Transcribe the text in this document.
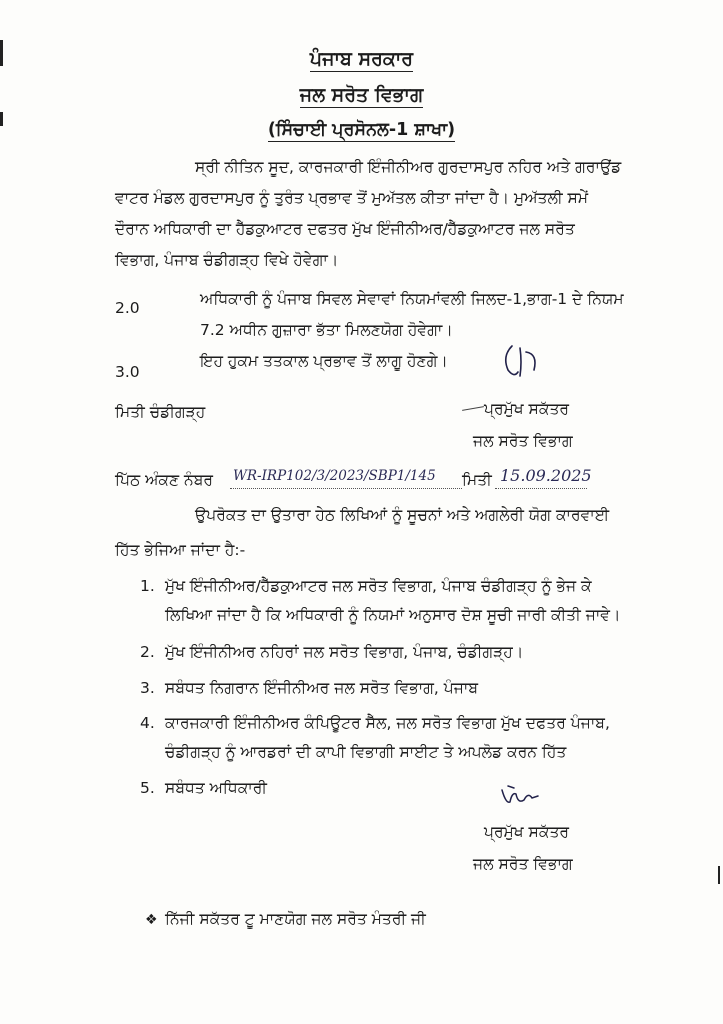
ਪੰਜਾਬ ਸਰਕਾਰ
ਜਲ ਸਰੋਤ ਵਿਭਾਗ
(ਸਿੰਚਾਈ ਪ੍ਰਸੋਨਲ-1 ਸ਼ਾਖਾ)
ਸ੍ਰੀ ਨੀਤਿਨ ਸੂਦ, ਕਾਰਜਕਾਰੀ ਇੰਜੀਨੀਅਰ ਗੁਰਦਾਸਪੁਰ ਨਹਿਰ ਅਤੇ ਗਰਾਉਂਡ
ਵਾਟਰ ਮੰਡਲ ਗੁਰਦਾਸਪੁਰ ਨੂੰ ਤੁਰੰਤ ਪ੍ਰਭਾਵ ਤੋਂ ਮੁਅੱਤਲ ਕੀਤਾ ਜਾਂਦਾ ਹੈ। ਮੁਅੱਤਲੀ ਸਮੇਂ
ਦੌਰਾਨ ਅਧਿਕਾਰੀ ਦਾ ਹੈੱਡਕੁਆਟਰ ਦਫਤਰ ਮੁੱਖ ਇੰਜੀਨੀਅਰ/ਹੈੱਡਕੁਆਟਰ ਜਲ ਸਰੋਤ
ਵਿਭਾਗ, ਪੰਜਾਬ ਚੰਡੀਗੜ੍ਹ ਵਿਖੇ ਹੋਵੇਗਾ।
2.0	ਅਧਿਕਾਰੀ ਨੂੰ ਪੰਜਾਬ ਸਿਵਲ ਸੇਵਾਵਾਂ ਨਿਯਮਾਂਵਲੀ ਜਿਲਦ-1,ਭਾਗ-1 ਦੇ ਨਿਯਮ
7.2 ਅਧੀਨ ਗੁਜ਼ਾਰਾ ਭੱਤਾ ਮਿਲਣਯੋਗ ਹੋਵੇਗਾ।
3.0
ਇਹ ਹੁਕਮ ਤਤਕਾਲ ਪ੍ਰਭਾਵ ਤੋਂ ਲਾਗੂ ਹੋਣਗੇ।
ਮਿਤੀ ਚੰਡੀਗੜ੍ਹ	ਪ੍ਰਮੁੱਖ ਸਕੱਤਰ
ਜਲ ਸਰੋਤ ਵਿਭਾਗ
ਪਿੱਠ ਅੰਕਣ ਨੰਬਰ WR-IRP102/3/2023/SBP1/145 ਮਿਤੀ 15.09.2025
ਉਪਰੋਕਤ ਦਾ ਉਤਾਰਾ ਹੇਠ ਲਿਖਿਆਂ ਨੂੰ ਸੂਚਨਾਂ ਅਤੇ ਅਗਲੇਰੀ ਯੋਗ ਕਾਰਵਾਈ
ਹਿੱਤ ਭੇਜਿਆ ਜਾਂਦਾ ਹੈ:-
1. ਮੁੱਖ ਇੰਜੀਨੀਅਰ/ਹੈੱਡਕੁਆਟਰ ਜਲ ਸਰੋਤ ਵਿਭਾਗ, ਪੰਜਾਬ ਚੰਡੀਗੜ੍ਹ ਨੂੰ ਭੇਜ ਕੇ
ਲਿਖਿਆ ਜਾਂਦਾ ਹੈ ਕਿ ਅਧਿਕਾਰੀ ਨੂੰ ਨਿਯਮਾਂ ਅਨੁਸਾਰ ਦੋਸ਼ ਸੂਚੀ ਜਾਰੀ ਕੀਤੀ ਜਾਵੇ।
2. ਮੁੱਖ ਇੰਜੀਨੀਅਰ ਨਹਿਰਾਂ ਜਲ ਸਰੋਤ ਵਿਭਾਗ, ਪੰਜਾਬ, ਚੰਡੀਗੜ੍ਹ।
3. ਸਬੰਧਤ ਨਿਗਰਾਨ ਇੰਜੀਨੀਅਰ ਜਲ ਸਰੋਤ ਵਿਭਾਗ, ਪੰਜਾਬ
4. ਕਾਰਜਕਾਰੀ ਇੰਜੀਨੀਅਰ ਕੰਪਿਊਟਰ ਸੈੱਲ, ਜਲ ਸਰੋਤ ਵਿਭਾਗ ਮੁੱਖ ਦਫਤਰ ਪੰਜਾਬ,
ਚੰਡੀਗੜ੍ਹ ਨੂੰ ਆਰਡਰਾਂ ਦੀ ਕਾਪੀ ਵਿਭਾਗੀ ਸਾਈਟ ਤੇ ਅਪਲੋਡ ਕਰਨ ਹਿੱਤ
5. ਸਬੰਧਤ ਅਧਿਕਾਰੀ
ਪ੍ਰਮੁੱਖ ਸਕੱਤਰ
ਜਲ ਸਰੋਤ ਵਿਭਾਗ
❖ ਨਿੱਜੀ ਸਕੱਤਰ ਟੂ ਮਾਣਯੋਗ ਜਲ ਸਰੋਤ ਮੰਤਰੀ ਜੀ
